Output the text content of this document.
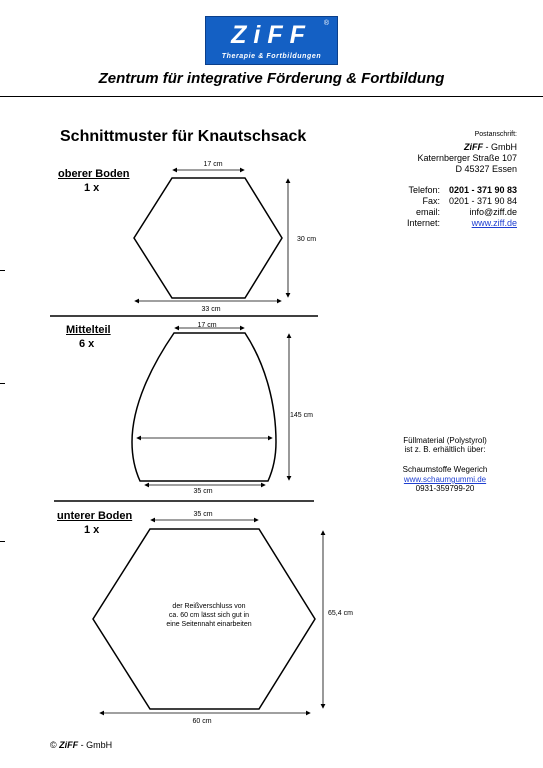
ZiFF	®
Therapie & Fortbildungen
Zentrum für integrative Förderung & Fortbildung
Schnittmuster für Knautschsack
oberer Boden
1 x
Mittelteil
6 x
unterer Boden
1 x
17 cm
30 cm
33 cm
17 cm
145 cm
35 cm
35 cm
65,4 cm
60 cm
der Reißverschluss von
ca. 60 cm lässt sich gut in
eine Seitennaht einarbeiten
Postanschrift:
ZiFF - GmbH
Katernberger Straße 107
D 45327 Essen
Telefon: 0201 - 371 90 83
Fax: 0201 - 371 90 84
email:	info@ziff.de
Internet:	www.ziff.de
Füllmaterial (Polystyrol)
ist z. B. erhältlich über:
Schaumstoffe Wegerich
www.schaumgummi.de
0931-359799-20
© ZiFF - GmbH
